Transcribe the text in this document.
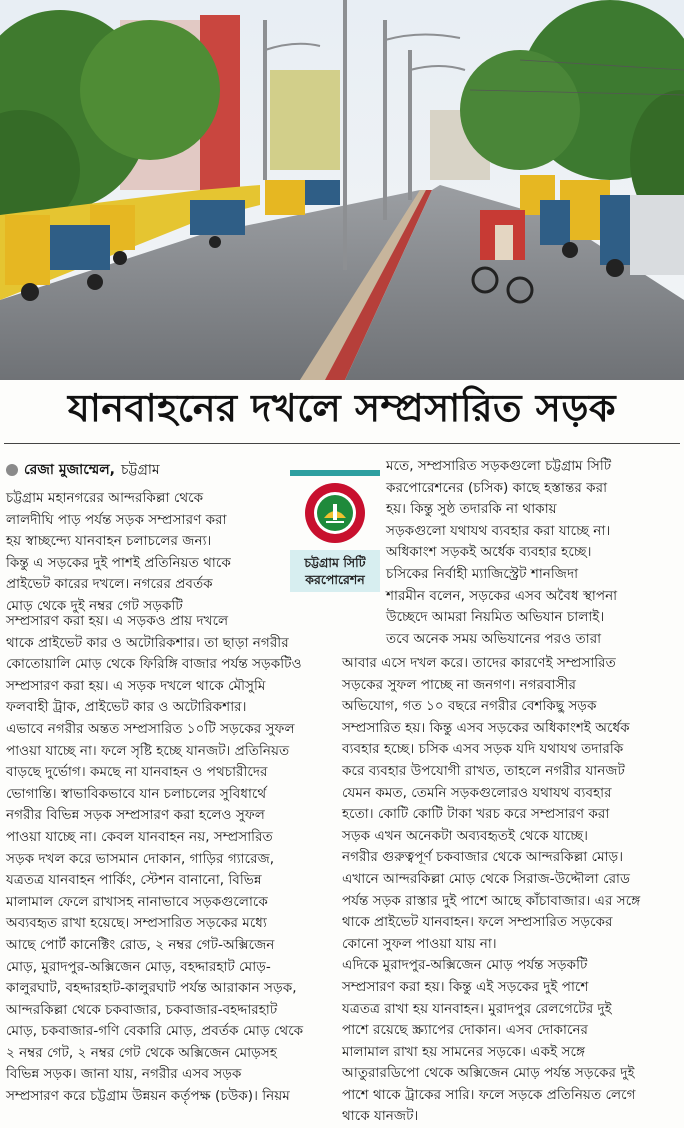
যানবাহনের দখলে সম্প্রসারিত সড়ক
রেজা মুজাম্মেল, চট্টগ্রাম
চট্টগ্রাম সিটি
করপোরেশন

চট্টগ্রাম মহানগরের আন্দরকিল্লা থেকে

লালদীঘি পাড় পর্যন্ত সড়ক সম্প্রসারণ করা

হয় স্বাচ্ছন্দ্যে যানবাহন চলাচলের জন্য।

কিন্তু এ সড়কের দুই পাশই প্রতিনিয়ত থাকে

প্রাইভেট কারের দখলে। নগরের প্রবর্তক

মোড় থেকে দুই নম্বর গেট সড়কটি

সম্প্রসারণ করা হয়। এ সড়কও প্রায় দখলে

থাকে প্রাইভেট কার ও অটোরিকশার। তা ছাড়া নগরীর

কোতোয়ালি মোড় থেকে ফিরিঙ্গি বাজার পর্যন্ত সড়কটিও

সম্প্রসারণ করা হয়। এ সড়ক দখলে থাকে মৌসুমি

ফলবাহী ট্রাক, প্রাইভেট কার ও অটোরিকশার।

এভাবে নগরীর অন্তত সম্প্রসারিত ১০টি সড়কের সুফল

পাওয়া যাচ্ছে না। ফলে সৃষ্টি হচ্ছে যানজট। প্রতিনিয়ত

বাড়ছে দুর্ভোগ। কমছে না যানবাহন ও পথচারীদের

ভোগান্তি। স্বাভাবিকভাবে যান চলাচলের সুবিধার্থে

নগরীর বিভিন্ন সড়ক সম্প্রসারণ করা হলেও সুফল

পাওয়া যাচ্ছে না। কেবল যানবাহন নয়, সম্প্রসারিত

সড়ক দখল করে ভাসমান দোকান, গাড়ির গ্যারেজ,

যত্রতত্র যানবাহন পার্কিং, স্টেশন বানানো, বিভিন্ন

মালামাল ফেলে রাখাসহ নানাভাবে সড়কগুলোকে

অব্যবহৃত রাখা হয়েছে। সম্প্রসারিত সড়কের মধ্যে

আছে পোর্ট কানেক্টিং রোড, ২ নম্বর গেট-অক্সিজেন

মোড়, মুরাদপুর-অক্সিজেন মোড়, বহদ্দারহাট মোড়-

কালুরঘাট, বহদ্দারহাট-কালুরঘাট পর্যন্ত আরাকান সড়ক,

আন্দরকিল্লা থেকে চকবাজার, চকবাজার-বহদ্দারহাট

মোড়, চকবাজার-গণি বেকারি মোড়, প্রবর্তক মোড় থেকে

২ নম্বর গেট, ২ নম্বর গেট থেকে অক্সিজেন মোড়সহ

বিভিন্ন সড়ক। জানা যায়, নগরীর এসব সড়ক

সম্প্রসারণ করে চট্টগ্রাম উন্নয়ন কর্তৃপক্ষ (চউক)। নিয়ম

মতে, সম্প্রসারিত সড়কগুলো চট্টগ্রাম সিটি

করপোরেশনের (চসিক) কাছে হস্তান্তর করা

হয়। কিন্তু সুষ্ঠ তদারকি না থাকায়

সড়কগুলো যথাযথ ব্যবহার করা যাচ্ছে না।

অধিকাংশ সড়কই অর্ধেক ব্যবহার হচ্ছে।

চসিকের নির্বাহী ম্যাজিস্ট্রেট শানজিদা

শারমীন বলেন, সড়কের এসব অবৈধ স্থাপনা

উচ্ছেদে আমরা নিয়মিত অভিযান চালাই।

তবে অনেক সময় অভিযানের পরও তারা

আবার এসে দখল করে। তাদের কারণেই সম্প্রসারিত

সড়কের সুফল পাচ্ছে না জনগণ। নগরবাসীর

অভিযোগ, গত ১০ বছরে নগরীর বেশকিছু সড়ক

সম্প্রসারিত হয়। কিন্তু এসব সড়কের অধিকাংশই অর্ধেক

ব্যবহার হচ্ছে। চসিক এসব সড়ক যদি যথাযথ তদারকি

করে ব্যবহার উপযোগী রাখত, তাহলে নগরীর যানজট

যেমন কমত, তেমনি সড়কগুলোরও যথাযথ ব্যবহার

হতো। কোটি কোটি টাকা খরচ করে সম্প্রসারণ করা

সড়ক এখন অনেকটা অব্যবহৃতই থেকে যাচ্ছে।

নগরীর গুরুত্বপূর্ণ চকবাজার থেকে আন্দরকিল্লা মোড়।

এখানে আন্দরকিল্লা মোড় থেকে সিরাজ-উদ্দৌলা রোড

পর্যন্ত সড়ক রাস্তার দুই পাশে আছে কাঁচাবাজার। এর সঙ্গে

থাকে প্রাইভেট যানবাহন। ফলে সম্প্রসারিত সড়কের

কোনো সুফল পাওয়া যায় না।

এদিকে মুরাদপুর-অক্সিজেন মোড় পর্যন্ত সড়কটি

সম্প্রসারণ করা হয়। কিন্তু এই সড়কের দুই পাশে

যত্রতত্র রাখা হয় যানবাহন। মুরাদপুর রেলগেটের দুই

পাশে রয়েছে স্ক্র্যাপের দোকান। এসব দোকানের

মালামাল রাখা হয় সামনের সড়কে। একই সঙ্গে

আতুরারডিপো থেকে অক্সিজেন মোড় পর্যন্ত সড়কের দুই

পাশে থাকে ট্রাকের সারি। ফলে সড়কে প্রতিনিয়ত লেগে

থাকে যানজট।
